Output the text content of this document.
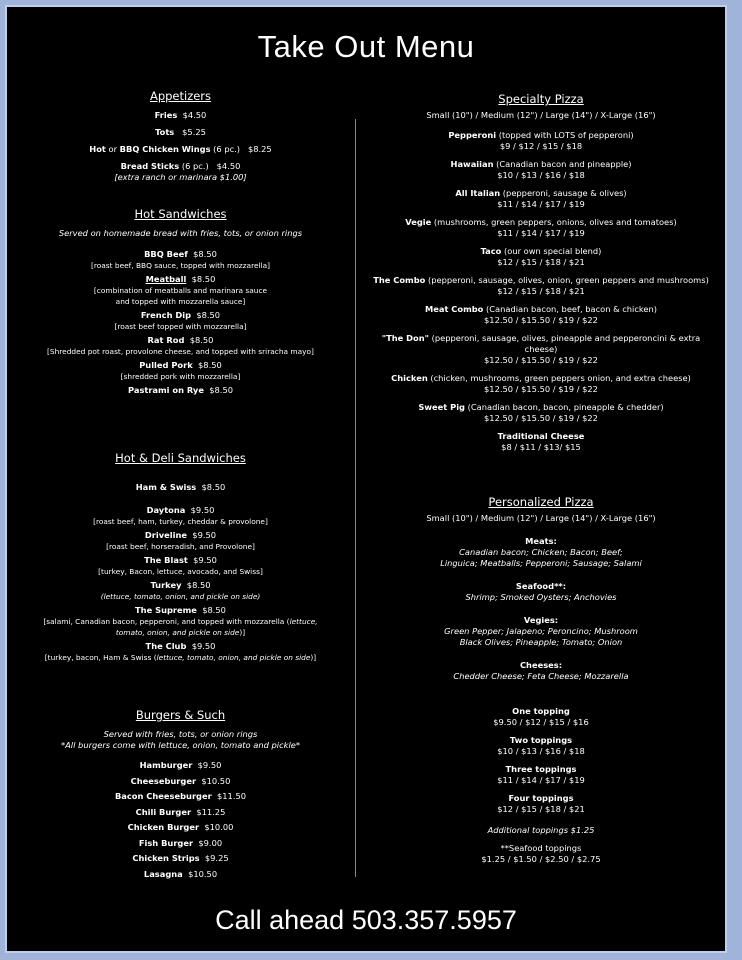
Take Out Menu
Appetizers
Fries $4.50
Tots $5.25
Hot or BBQ Chicken Wings (6 pc.) $8.25
Bread Sticks (6 pc.) $4.50
[extra ranch or marinara $1.00]
Hot Sandwiches
Served on homemade bread with fries, tots, or onion rings
BBQ Beef $8.50
[roast beef, BBQ sauce, topped with mozzarella]
Meatball $8.50
[combination of meatballs and marinara sauce
and topped with mozzarella sauce]
French Dip $8.50
[roast beef topped with mozzarella]
Rat Rod $8.50
[Shredded pot roast, provolone cheese, and topped with sriracha mayo]
Pulled Pork $8.50
[shredded pork with mozzarella]
Pastrami on Rye $8.50
Hot & Deli Sandwiches
Ham & Swiss $8.50
Daytona $9.50
[roast beef, ham, turkey, cheddar & provolone]
Driveline $9.50
[roast beef, horseradish, and Provolone]
The Blast $9.50
[turkey, Bacon, lettuce, avocado, and Swiss]
Turkey $8.50
(lettuce, tomato, onion, and pickle on side)
The Supreme $8.50
[salami, Canadian bacon, pepperoni, and topped with mozzarella (lettuce,
tomato, onion, and pickle on side)]
The Club $9.50
[turkey, bacon, Ham & Swiss (lettuce, tomato, onion, and pickle on side)]
Burgers & Such
Served with fries, tots, or onion rings
*All burgers come with lettuce, onion, tomato and pickle*
Hamburger $9.50
Cheeseburger $10.50
Bacon Cheeseburger $11.50
Chili Burger $11.25
Chicken Burger $10.00
Fish Burger $9.00
Chicken Strips $9.25
Lasagna $10.50
Specialty Pizza
Small (10") / Medium (12") / Large (14") / X-Large (16")
Pepperoni (topped with LOTS of pepperoni)
$9 / $12 / $15 / $18
Hawaiian (Canadian bacon and pineapple)
$10 / $13 / $16 / $18
All Italian (pepperoni, sausage & olives)
$11 / $14 / $17 / $19
Vegie (mushrooms, green peppers, onions, olives and tomatoes)
$11 / $14 / $17 / $19
Taco (our own special blend)
$12 / $15 / $18 / $21
The Combo (pepperoni, sausage, olives, onion, green peppers and mushrooms)
$12 / $15 / $18 / $21
Meat Combo (Canadian bacon, beef, bacon & chicken)
$12.50 / $15.50 / $19 / $22
"The Don" (pepperoni, sausage, olives, pineapple and pepperoncini & extra cheese)
$12.50 / $15.50 / $19 / $22
Chicken (chicken, mushrooms, green peppers onion, and extra cheese)
$12.50 / $15.50 / $19 / $22
Sweet Pig (Canadian bacon, bacon, pineapple & chedder)
$12.50 / $15.50 / $19 / $22
Traditional Cheese
$8 / $11 / $13/ $15
Personalized Pizza
Small (10") / Medium (12") / Large (14") / X-Large (16")
Meats:
Canadian bacon; Chicken; Bacon; Beef;
Linguica; Meatballs; Pepperoni; Sausage; Salami
Seafood**:
Shrimp; Smoked Oysters; Anchovies
Vegies:
Green Pepper; Jalapeno; Peroncino; Mushroom
Black Olives; Pineapple; Tomato; Onion
Cheeses:
Chedder Cheese; Feta Cheese; Mozzarella
One topping
$9.50 / $12 / $15 / $16
Two toppings
$10 / $13 / $16 / $18
Three toppings
$11 / $14 / $17 / $19
Four toppings
$12 / $15 / $18 / $21
Additional toppings $1.25
**Seafood toppings
$1.25 / $1.50 / $2.50 / $2.75
Call ahead 503.357.5957
